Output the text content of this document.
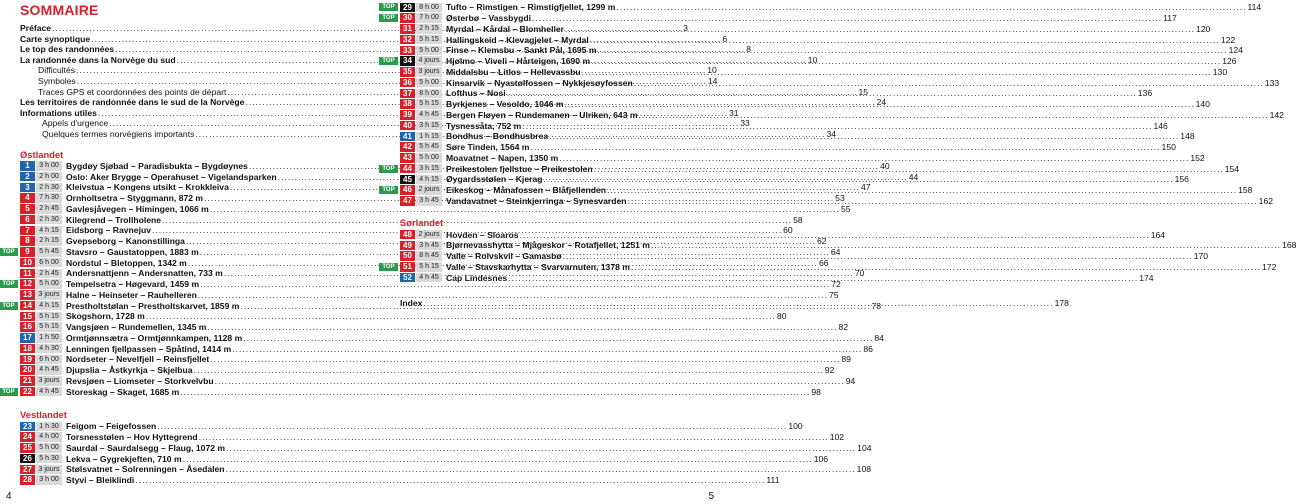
SOMMAIRE
Préface .....	3
Carte synoptique .....	6
Le top des randonnées .....	8
La randonnée dans la Norvège du sud .....	10
Difficultés .....	10
Symboles .....	14
Traces GPS et coordonnées des points de départ .....	15
Les territoires de randonnée dans le sud de la Norvège .....	24
Informations utiles .....	31
Appels d'urgence .....	33
Quelques termes norvégiens importants .....	34
Østlandet
1	3 h 00 Bygdøy Sjøbad – Paradisbukta – Bygdøynes .....	40
2	2 h 00 Oslo: Aker Brygge – Operahuset – Vigelandsparken .....	44
3	2 h 30 Kleivstua – Kongens utsikt – Krokkleiva .....	47
4	7 h 30 Ornholtsetra – Styggmann, 872 m .....	53
5	2 h 45 Gavlesjåvegen – Himingen, 1066 m .....	55
6	2 h 30 Kilegrend – Trollholene .....	58
7	4 h 15 Eidsborg – Ravnejuv .....	60
8	2 h 15 Gvepseborg – Kanonstillinga .....	62
TOP	9	5 h 45 Stavsro – Gaustatoppen, 1883 m .....	64
10	6 h 00 Nordstul – Bletoppen, 1342 m .....	66
11	2 h 45 Andersnattjenn – Andersnatten, 733 m .....	70
TOP	12	5 h 00 Tempelsetra – Høgevard, 1459 m .....	72
13 3 jours Halne – Heinseter – Rauhelleren .....	75
TOP	14	4 h 15 Prestholtstølan – Prestholtskarvet, 1859 m .....	78
15	5 h 15 Skogshorn, 1728 m .....	80
16	5 h 15 Vangsjøen – Rundemellen, 1345 m .....	82
17	1 h 50 Ormtjønnsætra – Ormtjønnkampen, 1128 m .....	84
18	4 h 30 Lenningen fjellpassen – Spåtind, 1414 m .....	86
19	6 h 00 Nordseter – Nevelfjell – Reinsfjellet .....	89
20	4 h 45 Djupslia – Åstkyrkja – Skjelbua .....	92
21 3 jours Revsjøen – Liomseter – Storkvelvbu .....	94
TOP	22	4 h 45 Storeskag – Skaget, 1685 m .....	98
Vestlandet
23	1 h 30 Feigom – Feigefossen .....	100
24	4 h 00 Torsnesstølen – Hov Hyttegrend .....	102
25	5 h 00 Saurdal – Saurdalsegg – Flaug, 1072 m .....	104
26	5 h 30 Lekva – Gygrekjeften, 710 m .....	106
27 3 jours Stølsvatnet – Solrenningen – Åsedalen .....	108
28	3 h 00 Styvi – Bleiklindi .....	111
4
TOP	29	8 h 00 Tufto – Rimstigen – Rimstigfjellet, 1299 m .....	114
TOP	30	7 h 00 Østerbø – Vassbygdi .....	117
31	2 h 15 Myrdal – Kårdal – Blomheller .....	120
32	5 h 15 Hallingskeid – Klevagjelet – Myrdal .....	122
33	5 h 00 Finse – Klemsbu – Sankt Pål, 1695 m .....	124
TOP	34 4 jours Hjølmo – Viveli – Hårteigen, 1690 m .....	126
35 3 jours Middalsbu – Litlos – Hellevassbu .....	130
36	5 h 00 Kinsarvik – Nyastølfossen – Nykkjesøyfossen .....	133
37	8 h 00 Lofthus – Nosi .....	136
38	5 h 15 Byrkjenes – Vesoldo, 1046 m .....	140
39	4 h 45 Bergen Fløyen – Rundemanen – Ulriken, 643 m .....	142
40	3 h 15 Tysnessåta, 752 m .....	146
41	1 h 15 Bondhus – Bondhusbrea .....	148
42	5 h 45 Søre Tinden, 1564 m .....	150
43	5 h 00 Moavatnet – Napen, 1350 m .....	152
TOP	44	3 h 15 Preikestolen fjellstue – Preikestolen .....	154
45	4 h 15 Øygardsstølen – Kjerag .....	156
TOP	46 2 jours Eikeskog – Månafossen – Blåfjellenden .....	158
47	3 h 45 Vandavatnet – Steinkjerringa – Synesvarden .....	162
Sørlandet
48 2 jours Hovden – Sloaros .....	164
49	3 h 45 Bjørnevasshytta – Mjågeskor – Rotafjellet, 1251 m .....	168
50	8 h 45 Valle – Rolvskvil – Gamasbø .....	170
TOP	51	5 h 15 Valle – Stavskarhytta – Svarvarnuten, 1378 m .....	172
52	4 h 45 Cap Lindesnes .....	174
Index .....	178
5
